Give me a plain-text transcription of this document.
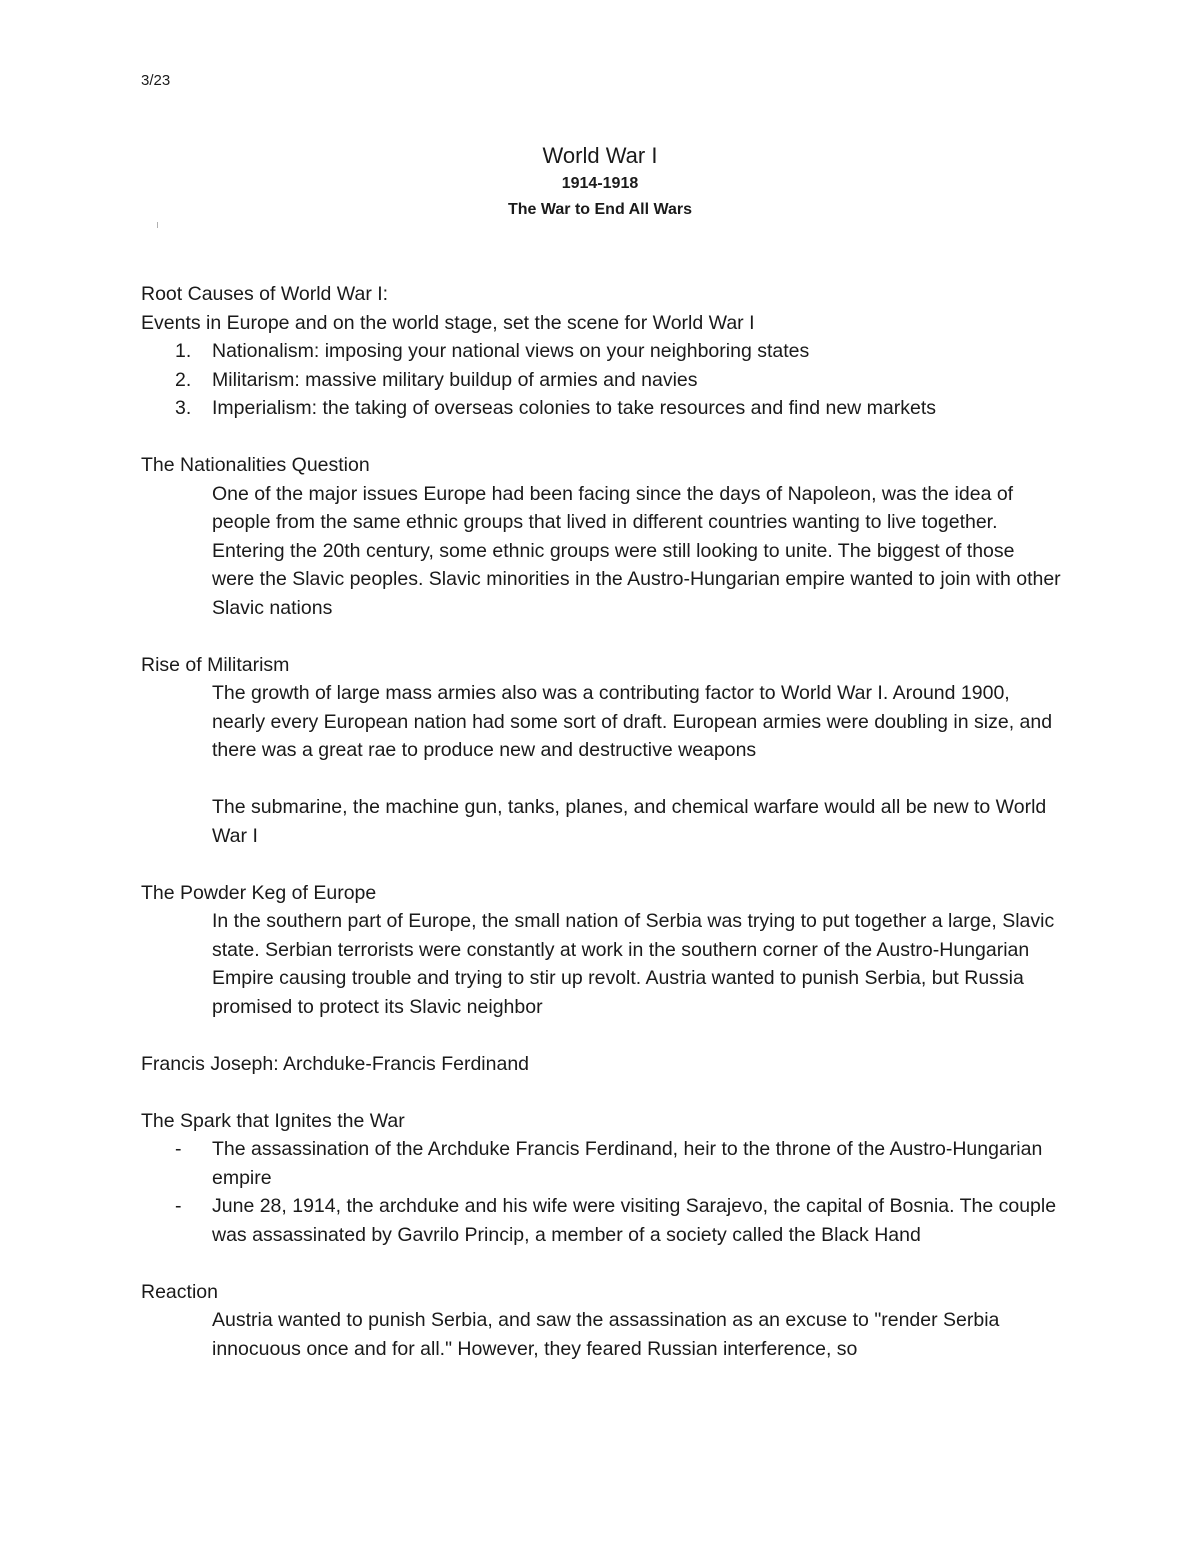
3/23
World War I
1914-1918
The War to End All Wars

Root Causes of World War I:

Events in Europe and on the world stage, set the scene for World War I

1.	Nationalism: imposing your national views on your neighboring states
2.	Militarism: massive military buildup of armies and navies
3.	Imperialism: the taking of overseas colonies to take resources and find new markets

The Nationalities Question

One of the major issues Europe had been facing since the days of Napoleon, was the idea of people from the same ethnic groups that lived in different countries wanting to live together. Entering the 20th century, some ethnic groups were still looking to unite. The biggest of those were the Slavic peoples. Slavic minorities in the Austro-Hungarian empire wanted to join with other Slavic nations

Rise of Militarism

The growth of large mass armies also was a contributing factor to World War I. Around 1900, nearly every European nation had some sort of draft. European armies were doubling in size, and there was a great rae to produce new and destructive weapons

The submarine, the machine gun, tanks, planes, and chemical warfare would all be new to World War I

The Powder Keg of Europe

In the southern part of Europe, the small nation of Serbia was trying to put together a large, Slavic state. Serbian terrorists were constantly at work in the southern corner of the Austro-Hungarian Empire causing trouble and trying to stir up revolt. Austria wanted to punish Serbia, but Russia promised to protect its Slavic neighbor

Francis Joseph: Archduke-Francis Ferdinand

The Spark that Ignites the War

-	The assassination of the Archduke Francis Ferdinand, heir to the throne of the Austro-Hungarian empire
-	June 28, 1914, the archduke and his wife were visiting Sarajevo, the capital of Bosnia. The couple was assassinated by Gavrilo Princip, a member of a society called the Black Hand

Reaction

Austria wanted to punish Serbia, and saw the assassination as an excuse to "render Serbia innocuous once and for all." However, they feared Russian interference, so
